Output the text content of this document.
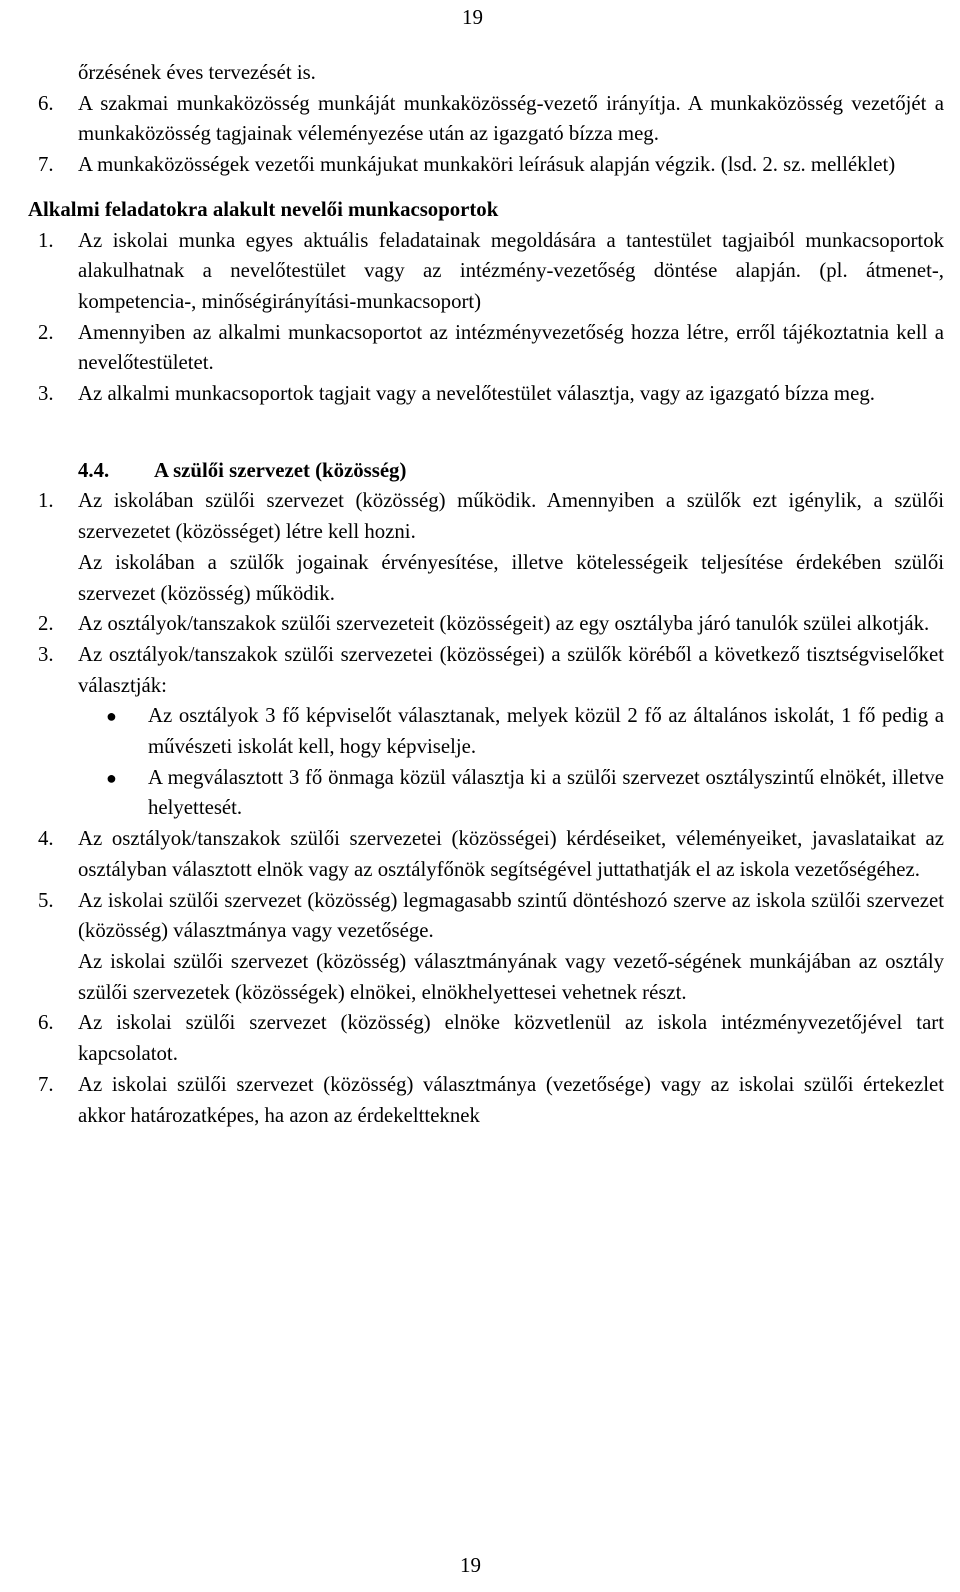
19

őrzésének éves tervezését is.

6.	A szakmai munkaközösség munkáját munkaközösség-vezető irányítja. A munkaközösség vezetőjét a munkaközösség tagjainak véleményezése után az igazgató bízza meg.

7.	A munkaközösségek vezetői munkájukat munkaköri leírásuk alapján végzik. (lsd. 2. sz. melléklet)

Alkalmi feladatokra alakult nevelői munkacsoportok

1.	Az iskolai munka egyes aktuális feladatainak megoldására a tantestület tagjaiból munkacsoportok alakulhatnak a nevelőtestület vagy az intézmény-vezetőség döntése alapján. (pl. átmenet-, kompetencia-, minőségirányítási-munkacsoport)

2.	Amennyiben az alkalmi munkacsoportot az intézményvezetőség hozza létre, erről tájékoztatnia kell a nevelőtestületet.

3.	Az alkalmi munkacsoportok tagjait vagy a nevelőtestület választja, vagy az igazgató bízza meg.

4.4.	A szülői szervezet (közösség)
1.	Az iskolában szülői szervezet (közösség) működik. Amennyiben a szülők ezt igénylik, a szülői szervezetet (közösséget) létre kell hozni.

Az iskolában a szülők jogainak érvényesítése, illetve kötelességeik teljesítése érdekében szülői szervezet (közösség) működik.

2.	Az osztályok/tanszakok szülői szervezeteit (közösségeit) az egy osztályba járó tanulók szülei alkotják.

3.	Az osztályok/tanszakok szülői szervezetei (közösségei) a szülők köréből a következő tisztségviselőket választják:

●	Az osztályok 3 fő képviselőt választanak, melyek közül 2 fő az általános iskolát, 1 fő pedig a művészeti iskolát kell, hogy képviselje.
●	A megválasztott 3 fő önmaga közül választja ki a szülői szervezet osztályszintű elnökét, illetve helyettesét.
4.	Az osztályok/tanszakok szülői szervezetei (közösségei) kérdéseiket, véleményeiket, javaslataikat az osztályban választott elnök vagy az osztályfőnök segítségével juttathatják el az iskola vezetőségéhez.

5.	Az iskolai szülői szervezet (közösség) legmagasabb szintű döntéshozó szerve az iskola szülői szervezet (közösség) választmánya vagy vezetősége.

Az iskolai szülői szervezet (közösség) választmányának vagy vezető-ségének munkájában az osztály szülői szervezetek (közösségek) elnökei, elnökhelyettesei vehetnek részt.

6.	Az iskolai szülői szervezet (közösség) elnöke közvetlenül az iskola intézményvezetőjével tart kapcsolatot.

7.	Az iskolai szülői szervezet (közösség) választmánya (vezetősége) vagy az iskolai szülői értekezlet akkor határozatképes, ha azon az érdekeltteknek

19
